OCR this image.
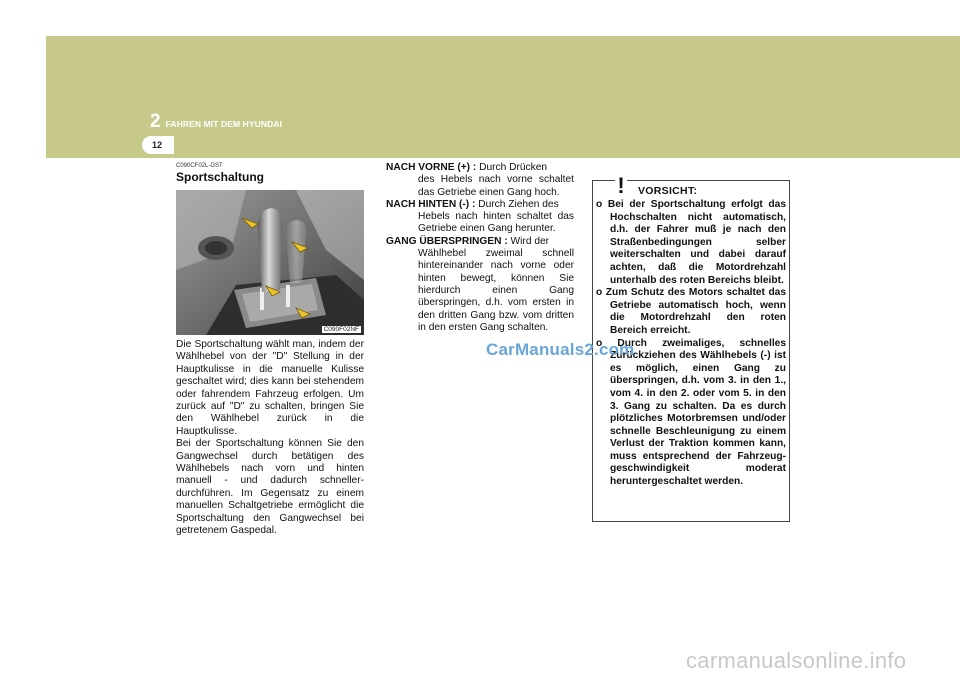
2 FAHREN MIT DEM HYUNDAI
12
C090CF02L-GST
Sportschaltung
C090F02NF

Die Sportschaltung wählt man, indem der Wählhebel von der "D" Stellung in der Hauptkulisse in die manuelle Kulisse geschaltet wird; dies kann bei stehendem oder fahrendem Fahrzeug erfolgen. Um zurück auf "D" zu schalten, bringen Sie den Wählhebel zurück in die Hauptkulisse.

Bei der Sportschaltung können Sie den Gangwechsel durch betätigen des Wählhebels nach vorn und hinten manuell - und dadurch schneller-durchführen. Im Gegensatz zu einem manuellen Schaltgetriebe ermöglicht die Sportschaltung den Gangwechsel bei getretenem Gaspedal.

NACH VORNE (+) : Durch Drücken
des Hebels nach vorne schaltet das Getriebe einen Gang hoch.

NACH HINTEN (-) : Durch Ziehen des
Hebels nach hinten schaltet das Getriebe einen Gang herunter.

GANG ÜBERSPRINGEN : Wird der
Wählhebel zweimal schnell hintereinander nach vorne oder hinten bewegt, können Sie hierdurch einen Gang überspringen, d.h. vom ersten in den dritten Gang bzw. vom dritten in den ersten Gang schalten.

! VORSICHT:
o Bei der Sportschaltung erfolgt das Hochschalten nicht automatisch, d.h. der Fahrer muß je nach den Straßenbedingungen selber weiterschalten und dabei darauf achten, daß die Motordrehzahl unterhalb des roten Bereichs bleibt.
o Zum Schutz des Motors schaltet das Getriebe automatisch hoch, wenn die Motordrehzahl den roten Bereich erreicht.
o Durch zweimaliges, schnelles Zurückziehen des Wählhebels (-) ist es möglich, einen Gang zu überspringen, d.h. vom 3. in den 1., vom 4. in den 2. oder vom 5. in den 3. Gang zu schalten. Da es durch plötzliches Motorbremsen und/oder schnelle Beschleunigung zu einem Verlust der Traktion kommen kann, muss entsprechend der Fahrzeug-geschwindigkeit moderat heruntergeschaltet werden.
CarManuals2.com
carmanualsonline.info
